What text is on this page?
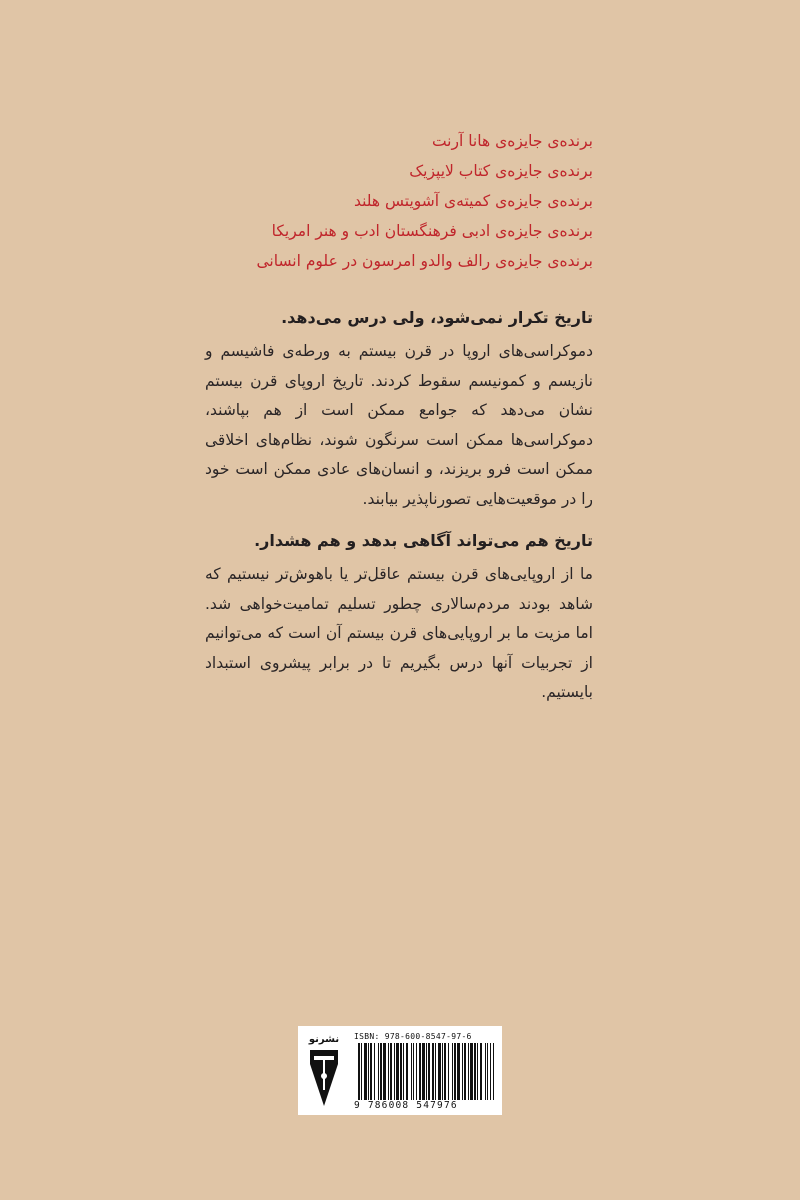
برنده‌ی جایزه‌ی هانا آرنت
برنده‌ی جایزه‌ی کتاب لایپزیک
برنده‌ی جایزه‌ی کمیته‌ی آشویتس هلند
برنده‌ی جایزه‌ی ادبی فرهنگستان ادب و هنر امریکا
برنده‌ی جایزه‌ی رالف والدو امرسون در علوم انسانی
تاریخ تکرار نمی‌شود، ولی درس می‌دهد.
دموکراسی‌های اروپا در قرن بیستم به ورطه‌ی فاشیسم و نازیسم و کمونیسم سقوط کردند. تاریخ اروپای قرن بیستم نشان می‌دهد که جوامع ممکن است از هم بپاشند، دموکراسی‌ها ممکن است سرنگون شوند، نظام‌های اخلاقی ممکن است فرو بریزند، و انسان‌های عادی ممکن است خود را در موقعیت‌هایی تصورناپذیر بیابند.
تاریخ هم می‌تواند آگاهی بدهد و هم هشدار.
ما از اروپایی‌های قرن بیستم عاقل‌تر یا باهوش‌تر نیستیم که شاهد بودند مردم‌سالاری چطور تسلیم تمامیت‌خواهی شد. اما مزیت ما بر اروپایی‌های قرن بیستم آن است که می‌توانیم از تجربیات آنها درس بگیریم تا در برابر پیشروی استبداد بایستیم.
نشرنو	ISBN: 978-600-8547-97-6
9 786008 547976
